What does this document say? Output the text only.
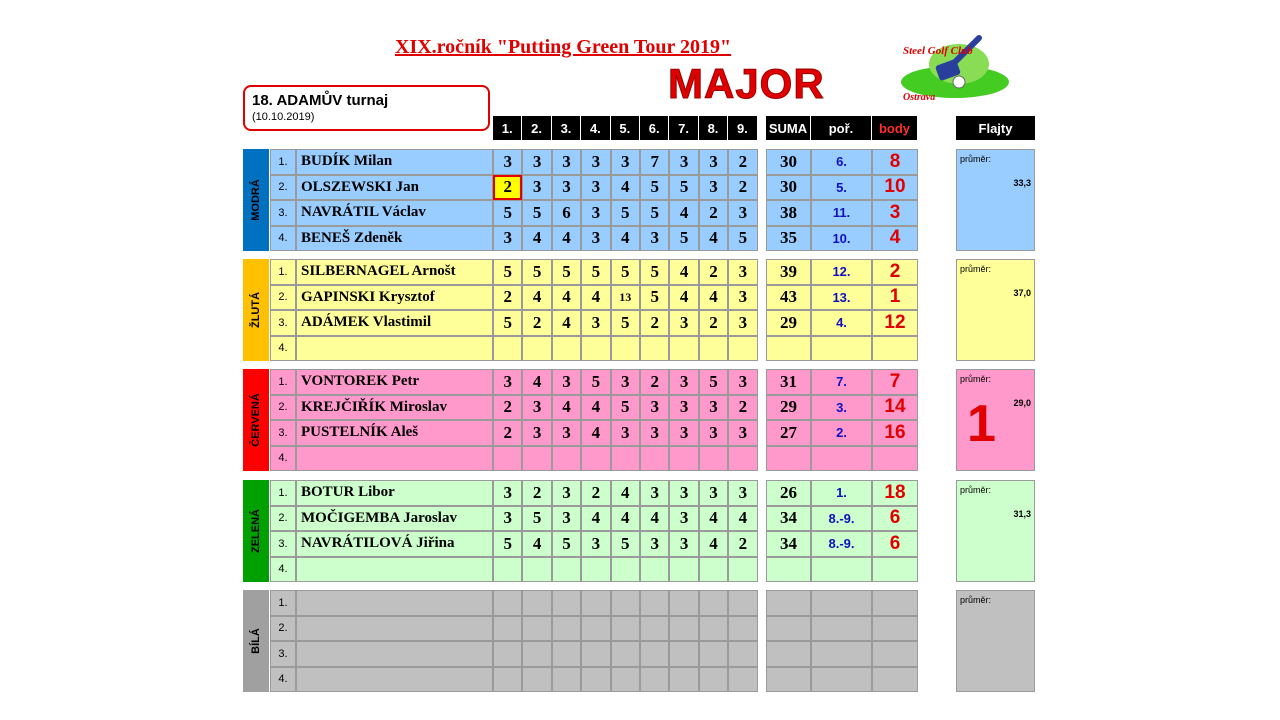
XIX.ročník "Putting Green Tour 2019"
MAJOR
Steel Golf Club
Ostrava
18. ADAMŮV turnaj
(10.10.2019)
1.	2.	3.	4.	5.	6.	7.	8.	9.	SUMA	poř.	body	Flajty
MODRÁ
1. BUDÍK Milan	3	3	3	3	3	7	3	3	2	30	6.	8
2. OLSZEWSKI Jan	2	3	3	3	4	5	5	3	2	30	5.	10
3. NAVRÁTIL Václav	5	5	6	3	5	5	4	2	3	38	11.	3
4. BENEŠ Zdeněk	3	4	4	3	4	3	5	4	5	35	10.	4
průměr:
33,3
ŽLUTÁ
1. SILBERNAGEL Arnošt	5	5	5	5	5	5	4	2	3	39	12.	2
2. GAPINSKI Krysztof	2	4	4	4	13	5	4	4	3	43	13.	1
3. ADÁMEK Vlastimil	5	2	4	3	5	2	3	2	3	29	4.	12
4.
průměr:
37,0
ČERVENÁ
1. VONTOREK Petr	3	4	3	5	3	2	3	5	3	31	7.	7
2. KREJČIŘÍK Miroslav	2	3	4	4	5	3	3	3	2	29	3.	14
3. PUSTELNÍK Aleš	2	3	3	4	3	3	3	3	3	27	2.	16
4.
průměr:
29,0
1
ZELENÁ
1. BOTUR Libor	3	2	3	2	4	3	3	3	3	26	1.	18
2. MOČIGEMBA Jaroslav	3	5	3	4	4	4	3	4	4	34	8.-9.	6
3. NAVRÁTILOVÁ Jiřina	5	4	5	3	5	3	3	4	2	34	8.-9.	6
4.
průměr:
31,3
BÍLÁ
1.
2.
3.
4.
průměr:
